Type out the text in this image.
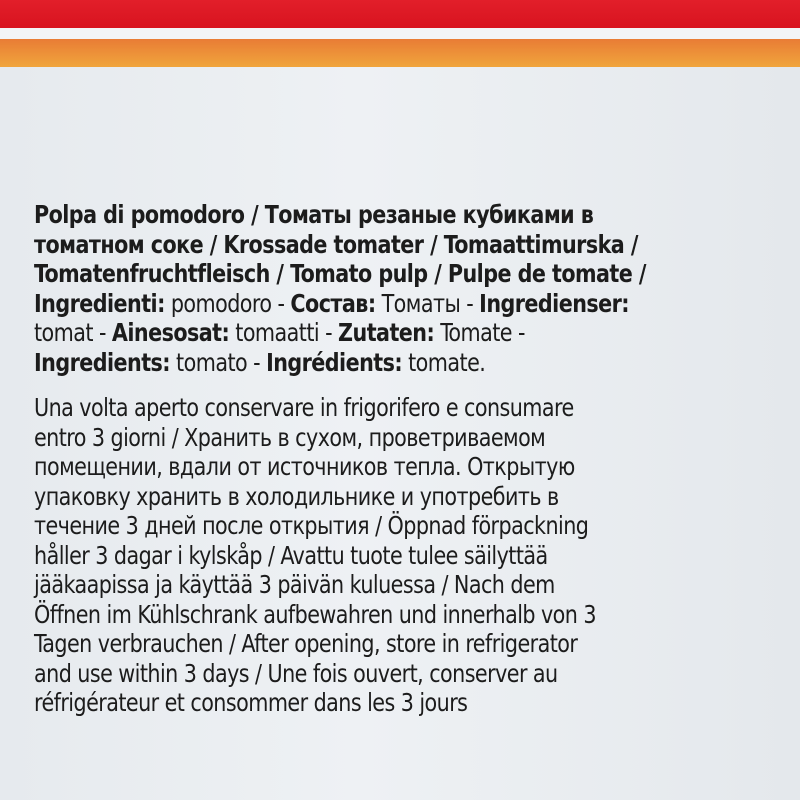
Polpa di pomodoro / Томаты резаные кубиками в
томатном соке / Krossade tomater / Tomaattimurska /
Tomatenfruchtfleisch / Tomato pulp / Pulpe de tomate /
Ingredienti: pomodoro - Состав: Томаты - Ingredienser:
tomat - Ainesosat: tomaatti - Zutaten: Tomate -
Ingredients: tomato - Ingrédients: tomate.
Una volta aperto conservare in frigorifero e consumare
entro 3 giorni / Хранить в сухом, проветриваемом
помещении, вдали от источников тепла. Открытую
упаковку хранить в холодильнике и употребить в
течение 3 дней после открытия / Öppnad förpackning
håller 3 dagar i kylskåp / Avattu tuote tulee säilyttää
jääkaapissa ja käyttää 3 päivän kuluessa / Nach dem
Öffnen im Kühlschrank aufbewahren und innerhalb von 3
Tagen verbrauchen / After opening, store in refrigerator
and use within 3 days / Une fois ouvert, conserver au
réfrigérateur et consommer dans les 3 jours
